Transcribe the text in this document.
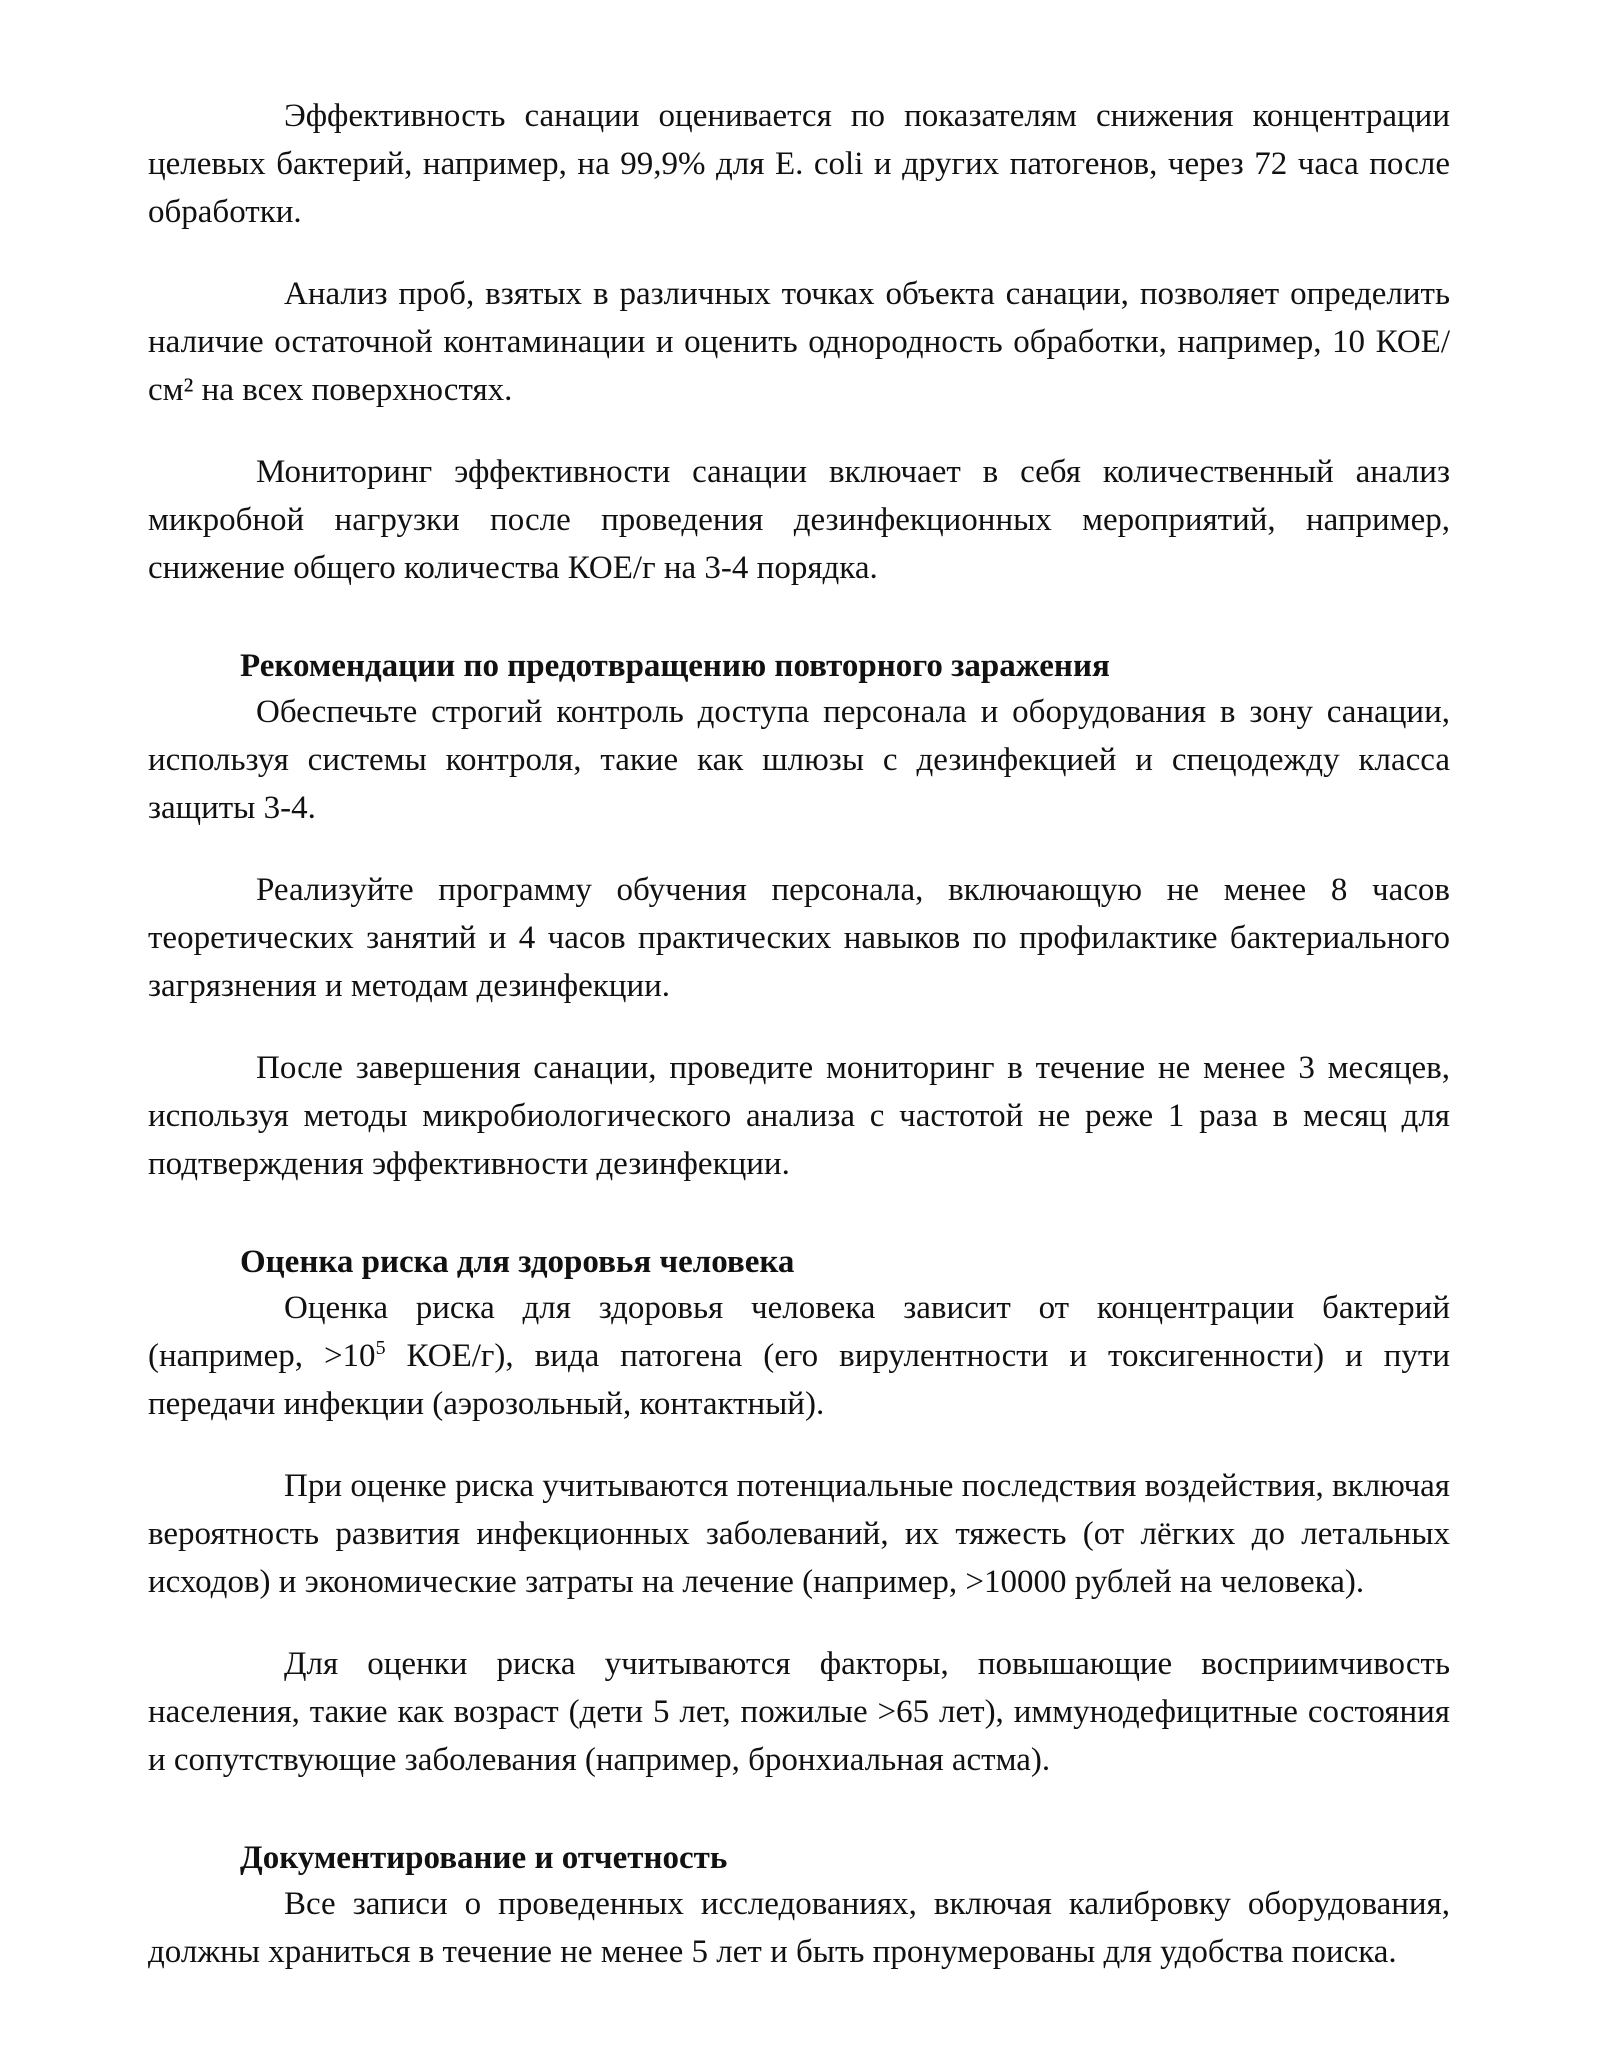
Эффективность санации оценивается по показателям снижения концентрации целевых бактерий, например, на 99,9% для E. coli и других патогенов, через 72 часа после обработки.

Анализ проб, взятых в различных точках объекта санации, позволяет определить наличие остаточной контаминации и оценить однородность обработки, например, 10 КОЕ/см² на всех поверхностях.

Мониторинг эффективности санации включает в себя количественный анализ микробной нагрузки после проведения дезинфекционных мероприятий, например, снижение общего количества КОЕ/г на 3-4 порядка.

Рекомендации по предотвращению повторного заражения

Обеспечьте строгий контроль доступа персонала и оборудования в зону санации, используя системы контроля, такие как шлюзы с дезинфекцией и спецодежду класса защиты 3-4.

Реализуйте программу обучения персонала, включающую не менее 8 часов теоретических занятий и 4 часов практических навыков по профилактике бактериального загрязнения и методам дезинфекции.

После завершения санации, проведите мониторинг в течение не менее 3 месяцев, используя методы микробиологического анализа с частотой не реже 1 раза в месяц для подтверждения эффективности дезинфекции.

Оценка риска для здоровья человека

Оценка риска для здоровья человека зависит от концентрации бактерий (например, $>10^5$ КОЕ/г), вида патогена (его вирулентности и токсигенности) и пути передачи инфекции (аэрозольный, контактный).

При оценке риска учитываются потенциальные последствия воздействия, включая вероятность развития инфекционных заболеваний, их тяжесть (от лёгких до летальных исходов) и экономические затраты на лечение (например, >10000 рублей на человека).

Для оценки риска учитываются факторы, повышающие восприимчивость населения, такие как возраст (дети 5 лет, пожилые >65 лет), иммунодефицитные состояния и сопутствующие заболевания (например, бронхиальная астма).

Документирование и отчетность

Все записи о проведенных исследованиях, включая калибровку оборудования, должны храниться в течение не менее 5 лет и быть пронумерованы для удобства поиска.
